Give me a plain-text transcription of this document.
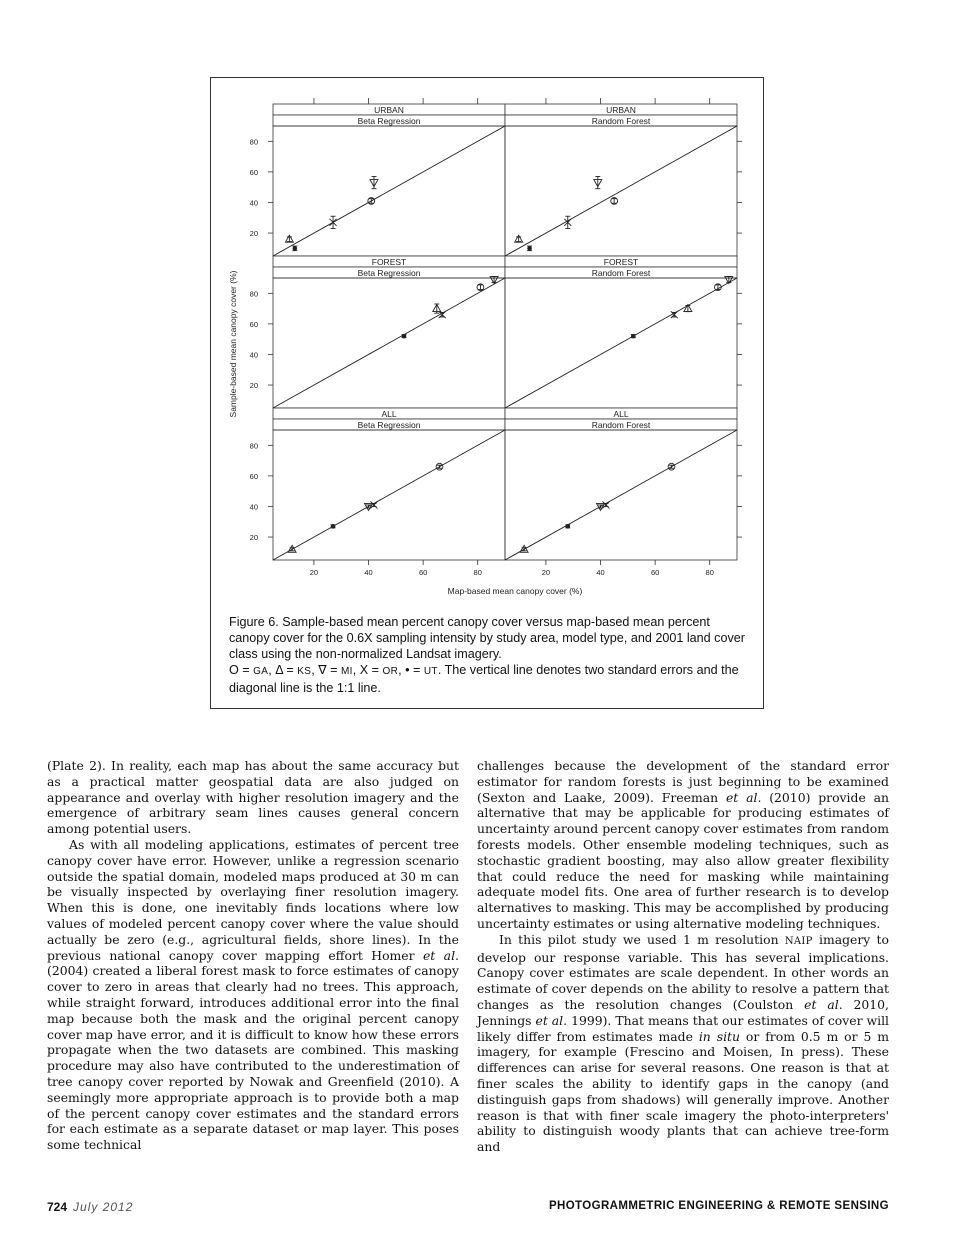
URBAN
Beta Regression
20
40
60
80
URBAN
Random Forest
FOREST
Beta Regression
20
40
60
80
FOREST
Random Forest
ALL
Beta Regression
20
40
60
80
ALL
Random Forest
20	40	60	80	20	40	60	80
Map-based mean canopy cover (%)
Sample-based mean canopy cover (%)
Figure 6. Sample-based mean percent canopy cover versus map-based mean percent canopy cover for the 0.6X sampling intensity by study area, model type, and 2001 land cover class using the non-normalized Landsat imagery.
O = GA, Δ = KS, ∇ = MI, X = OR, • = UT. The vertical line denotes two standard errors and the diagonal line is the 1:1 line.

(Plate 2). In reality, each map has about the same accuracy but as a practical matter geospatial data are also judged on appearance and overlay with higher resolution imagery and the emergence of arbitrary seam lines causes general concern among potential users.

As with all modeling applications, estimates of percent tree canopy cover have error. However, unlike a regression scenario outside the spatial domain, modeled maps produced at 30 m can be visually inspected by overlaying finer resolution imagery. When this is done, one inevitably finds locations where low values of modeled percent canopy cover where the value should actually be zero (e.g., agricultural fields, shore lines). In the previous national canopy cover mapping effort Homer et al. (2004) created a liberal forest mask to force estimates of canopy cover to zero in areas that clearly had no trees. This approach, while straight forward, introduces additional error into the final map because both the mask and the original percent canopy cover map have error, and it is difficult to know how these errors propagate when the two datasets are combined. This masking procedure may also have contributed to the underestimation of tree canopy cover reported by Nowak and Greenfield (2010). A seemingly more appropriate approach is to provide both a map of the percent canopy cover estimates and the standard errors for each estimate as a separate dataset or map layer. This poses some technical

challenges because the development of the standard error estimator for random forests is just beginning to be examined (Sexton and Laake, 2009). Freeman et al. (2010) provide an alternative that may be applicable for producing estimates of uncertainty around percent canopy cover estimates from random forests models. Other ensemble modeling techniques, such as stochastic gradient boosting, may also allow greater flexibility that could reduce the need for masking while maintaining adequate model fits. One area of further research is to develop alternatives to masking. This may be accomplished by producing uncertainty estimates or using alternative modeling techniques.

In this pilot study we used 1 m resolution NAIP imagery to develop our response variable. This has several implications. Canopy cover estimates are scale dependent. In other words an estimate of cover depends on the ability to resolve a pattern that changes as the resolution changes (Coulston et al. 2010, Jennings et al. 1999). That means that our estimates of cover will likely differ from estimates made in situ or from 0.5 m or 5 m imagery, for example (Frescino and Moisen, In press). These differences can arise for several reasons. One reason is that at finer scales the ability to identify gaps in the canopy (and distinguish gaps from shadows) will generally improve. Another reason is that with finer scale imagery the photo-interpreters' ability to distinguish woody plants that can achieve tree-form and

724 July 2012	PHOTOGRAMMETRIC ENGINEERING & REMOTE SENSING
